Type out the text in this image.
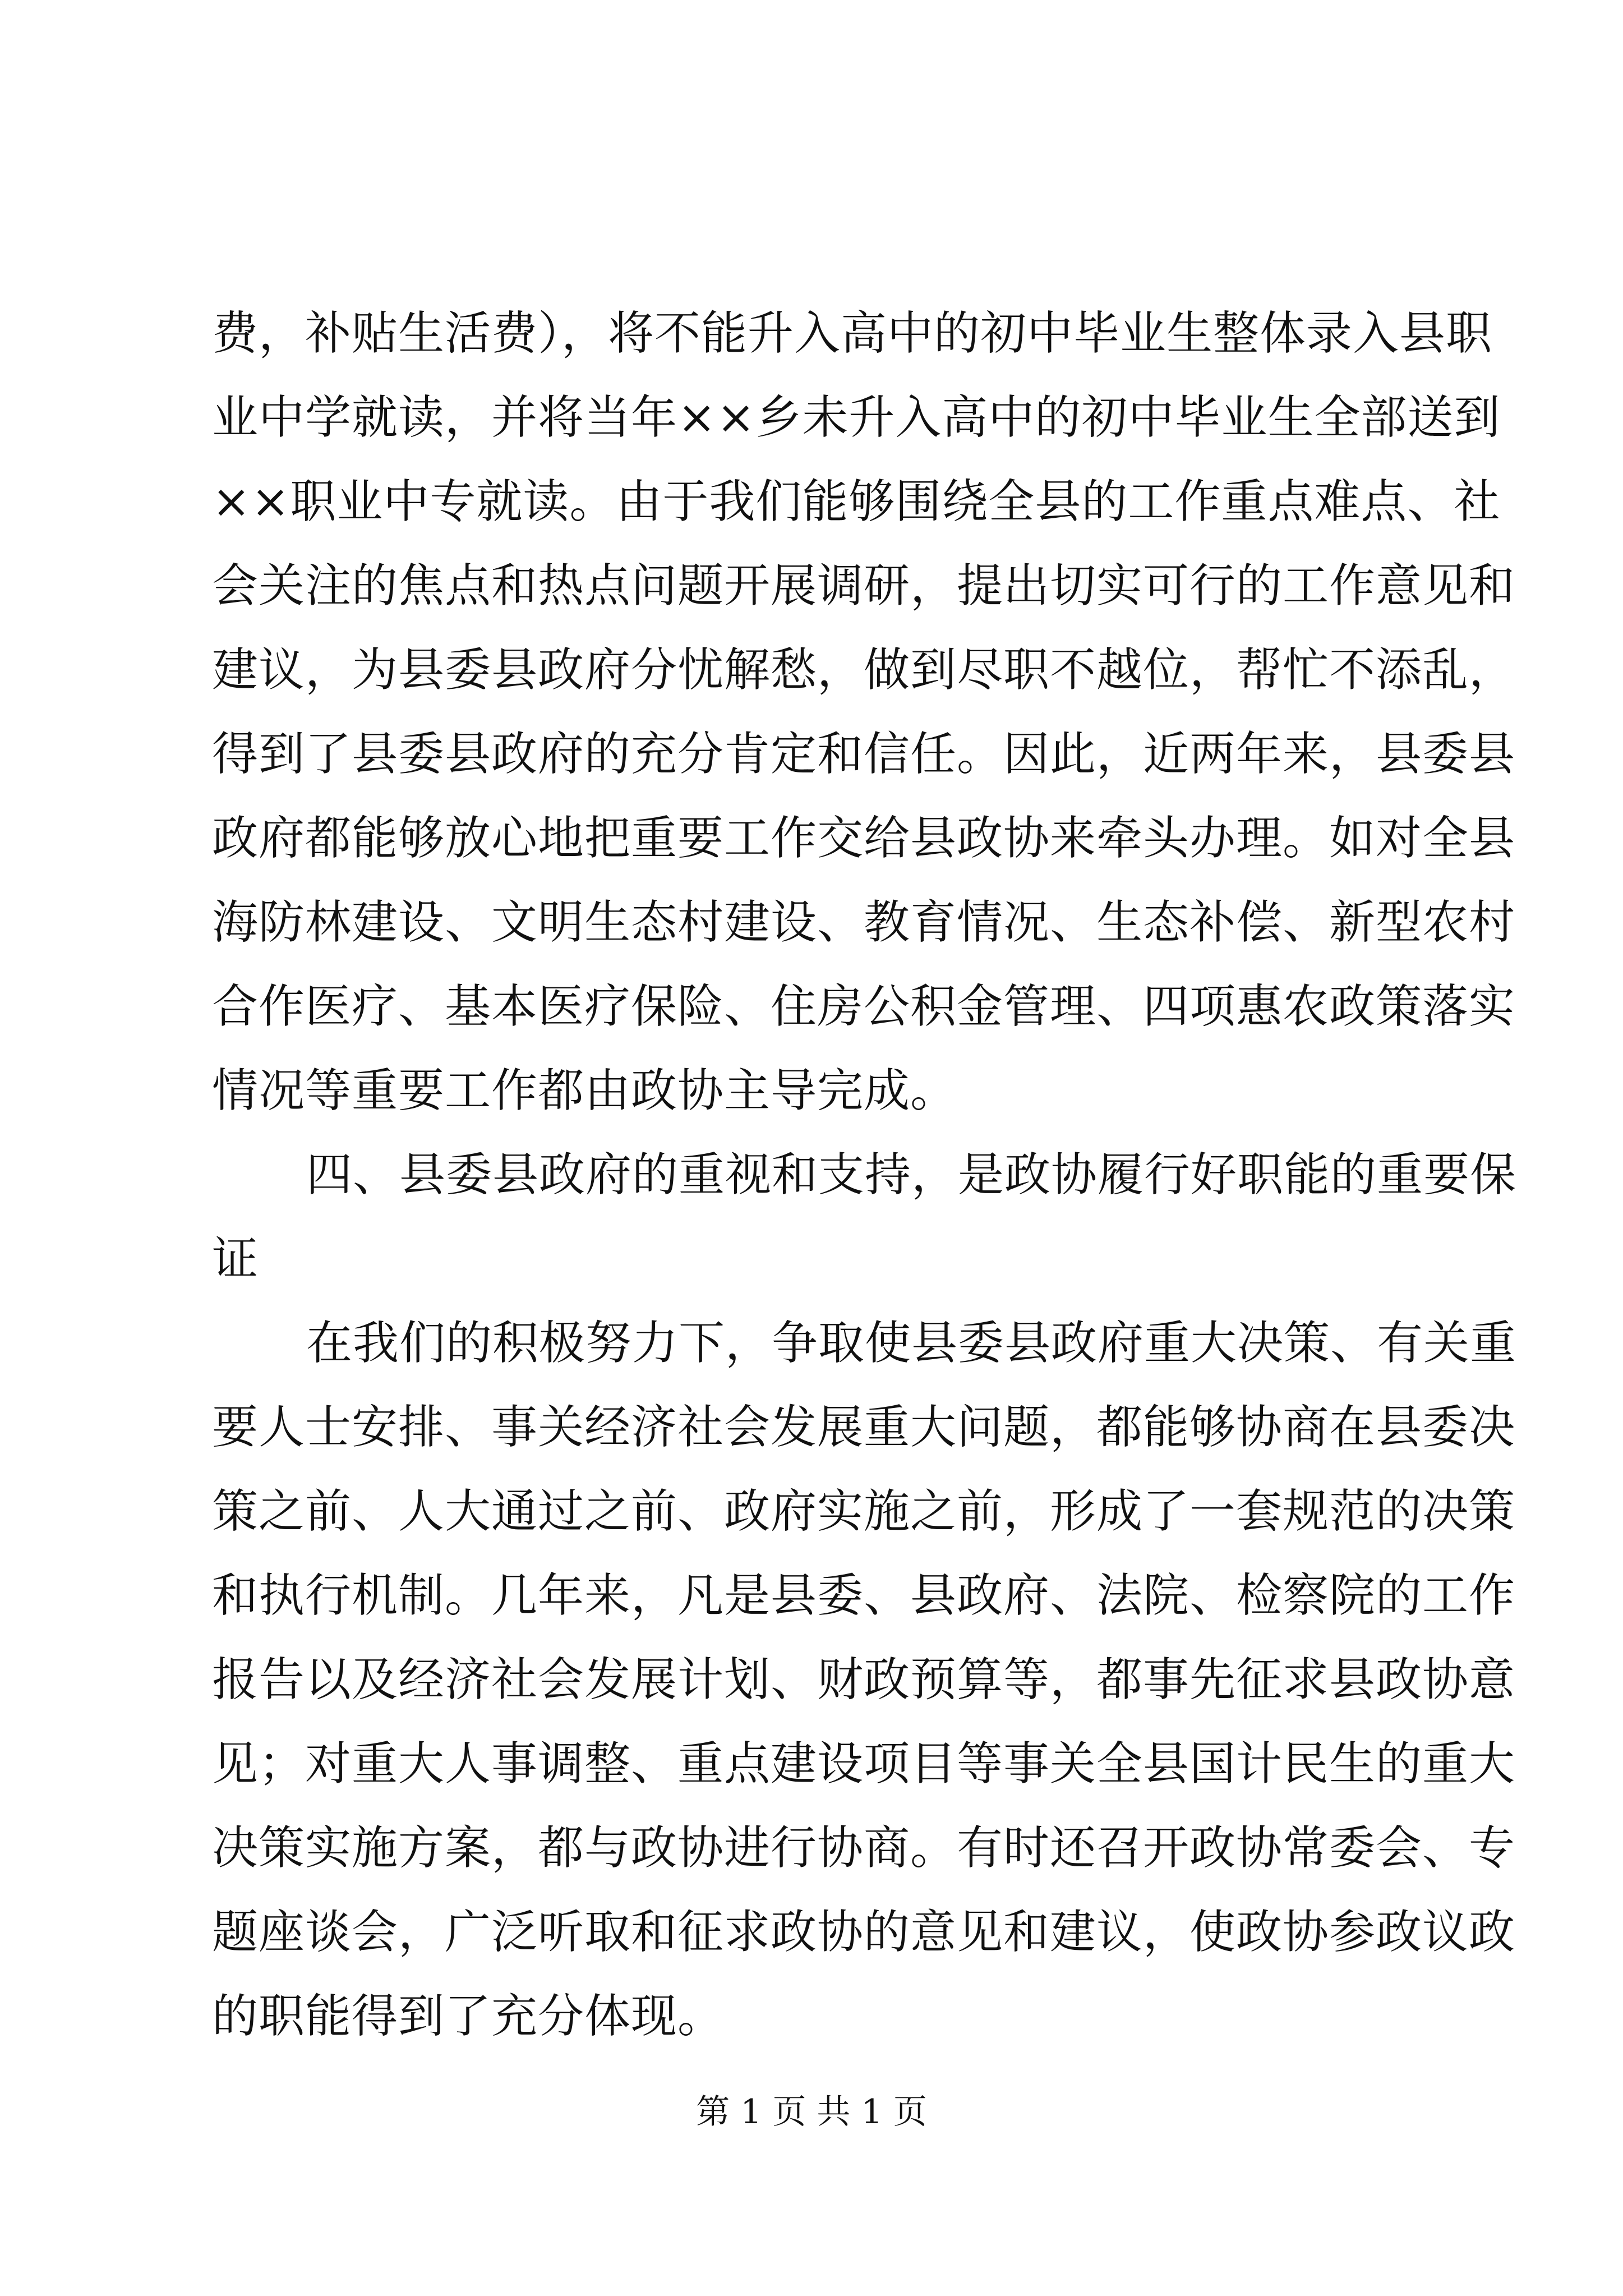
费，补贴生活费），将不能升入高中的初中毕业生整体录入县职
业中学就读，并将当年××乡未升入高中的初中毕业生全部送到
××职业中专就读。由于我们能够围绕全县的工作重点难点、社
会关注的焦点和热点问题开展调研，提出切实可行的工作意见和
建议，为县委县政府分忧解愁，做到尽职不越位，帮忙不添乱，
得到了县委县政府的充分肯定和信任。因此，近两年来，县委县
政府都能够放心地把重要工作交给县政协来牵头办理。如对全县
海防林建设、文明生态村建设、教育情况、生态补偿、新型农村
合作医疗、基本医疗保险、住房公积金管理、四项惠农政策落实
情况等重要工作都由政协主导完成。
四、县委县政府的重视和支持，是政协履行好职能的重要保
证
在我们的积极努力下，争取使县委县政府重大决策、有关重
要人士安排、事关经济社会发展重大问题，都能够协商在县委决
策之前、人大通过之前、政府实施之前，形成了一套规范的决策
和执行机制。几年来，凡是县委、县政府、法院、检察院的工作
报告以及经济社会发展计划、财政预算等，都事先征求县政协意
见；对重大人事调整、重点建设项目等事关全县国计民生的重大
决策实施方案，都与政协进行协商。有时还召开政协常委会、专
题座谈会，广泛听取和征求政协的意见和建议，使政协参政议政
的职能得到了充分体现。
第 1 页 共 1 页
